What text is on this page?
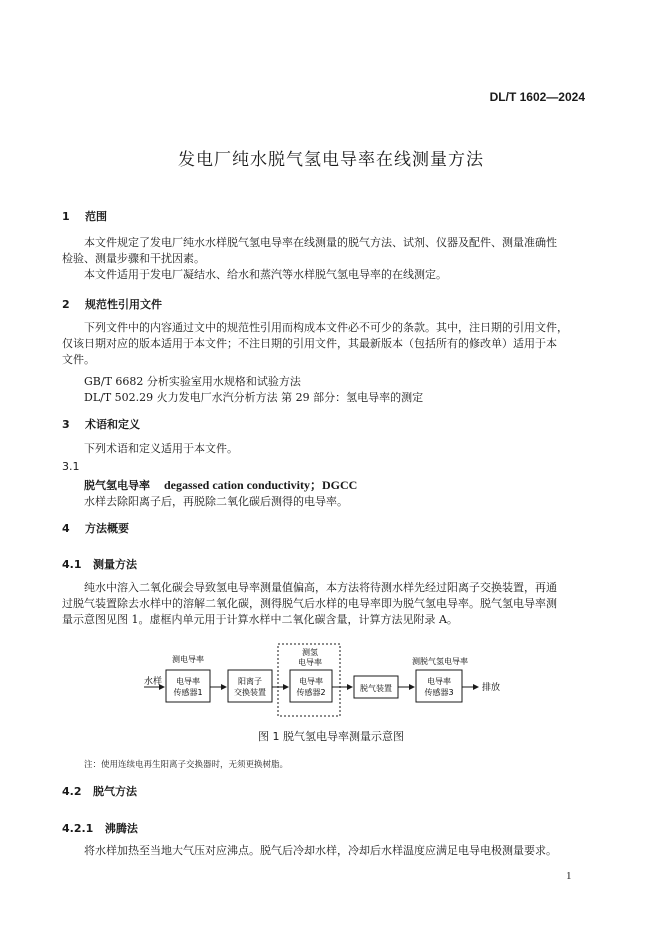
DL/T 1602—2024
发电厂纯水脱气氢电导率在线测量方法
1 范围
本文件规定了发电厂纯水水样脱气氢电导率在线测量的脱气方法、试剂、仪器及配件、测量准确性
检验、测量步骤和干扰因素。
本文件适用于发电厂凝结水、给水和蒸汽等水样脱气氢电导率的在线测定。
2 规范性引用文件
下列文件中的内容通过文中的规范性引用而构成本文件必不可少的条款。其中，注日期的引用文件，
仅该日期对应的版本适用于本文件；不注日期的引用文件，其最新版本（包括所有的修改单）适用于本
文件。
GB/T 6682 分析实验室用水规格和试验方法
DL/T 502.29 火力发电厂水汽分析方法 第 29 部分：氢电导率的测定
3 术语和定义
下列术语和定义适用于本文件。
3.1
脱气氢电导率 degassed cation conductivity；DGCC
水样去除阳离子后，再脱除二氧化碳后测得的电导率。
4 方法概要
4.1 测量方法
纯水中溶入二氧化碳会导致氢电导率测量值偏高，本方法将待测水样先经过阳离子交换装置，再通
过脱气装置除去水样中的溶解二氧化碳，测得脱气后水样的电导率即为脱气氢电导率。脱气氢电导率测
量示意图见图 1。虚框内单元用于计算水样中二氧化碳含量，计算方法见附录 A。
水样
测电导率
电导率
传感器1
阳离子
交换装置
测氢
电导率
电导率
传感器2	脱气装置
测脱气氢电导率
电导率
传感器3	排放
图 1 脱气氢电导率测量示意图
注：使用连续电再生阳离子交换器时，无须更换树脂。
4.2 脱气方法
4.2.1 沸腾法
将水样加热至当地大气压对应沸点。脱气后冷却水样，冷却后水样温度应满足电导电极测量要求。
1
